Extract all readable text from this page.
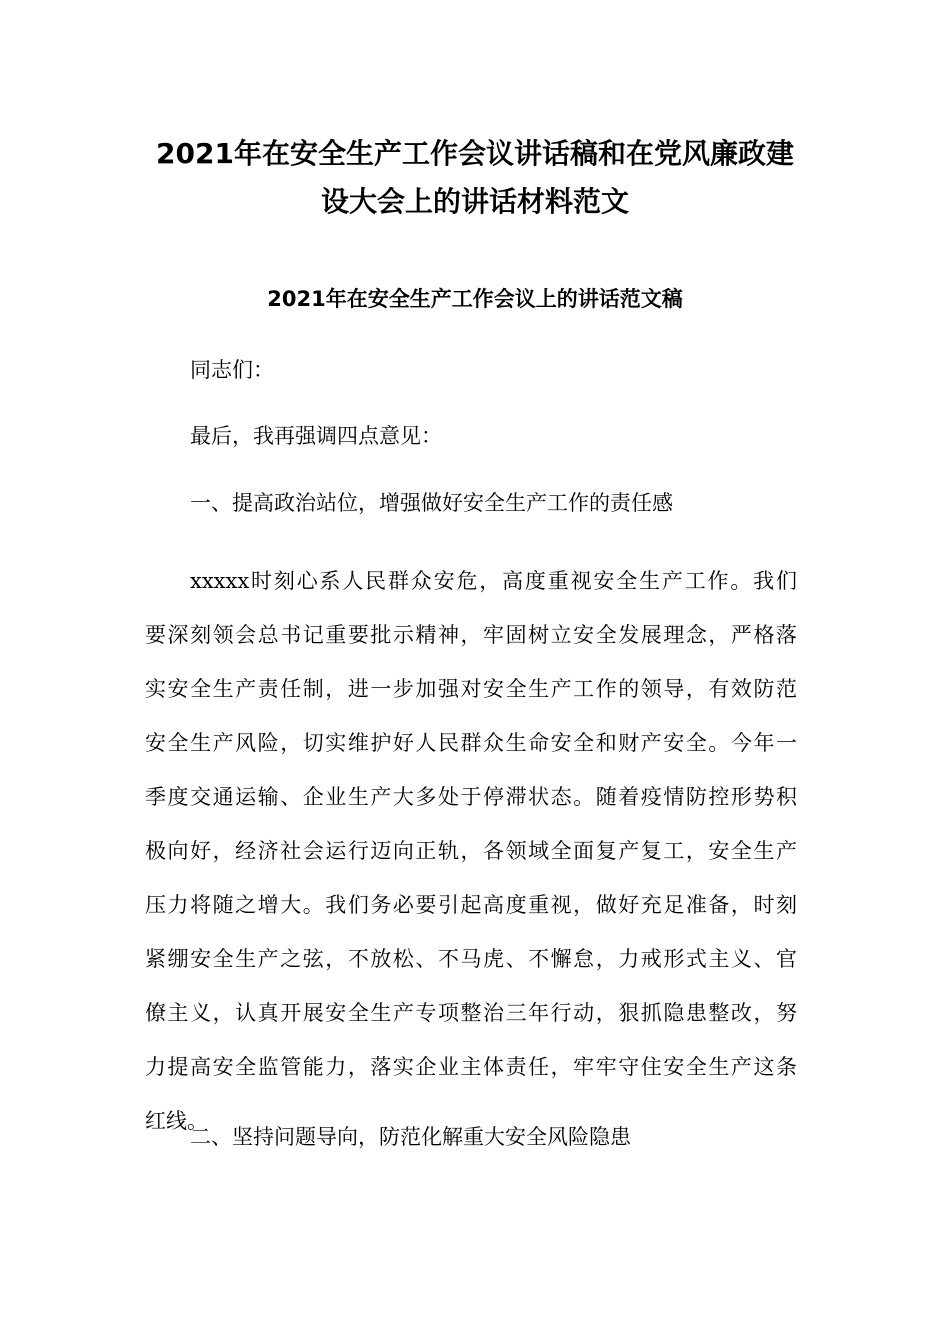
2021年在安全生产工作会议讲话稿和在党风廉政建设大会上的讲话材料范文
2021年在安全生产工作会议上的讲话范文稿

同志们：

最后，我再强调四点意见：

一、提高政治站位，增强做好安全生产工作的责任感

xxxxx时刻心系人民群众安危，高度重视安全生产工作。我们
要深刻领会总书记重要批示精神，牢固树立安全发展理念，严格落
实安全生产责任制，进一步加强对安全生产工作的领导，有效防范
安全生产风险，切实维护好人民群众生命安全和财产安全。今年一
季度交通运输、企业生产大多处于停滞状态。随着疫情防控形势积
极向好，经济社会运行迈向正轨，各领域全面复产复工，安全生产
压力将随之增大。我们务必要引起高度重视，做好充足准备，时刻
紧绷安全生产之弦，不放松、不马虎、不懈怠，力戒形式主义、官
僚主义，认真开展安全生产专项整治三年行动，狠抓隐患整改，努
力提高安全监管能力，落实企业主体责任，牢牢守住安全生产这条
红线。

二、坚持问题导向，防范化解重大安全风险隐患
